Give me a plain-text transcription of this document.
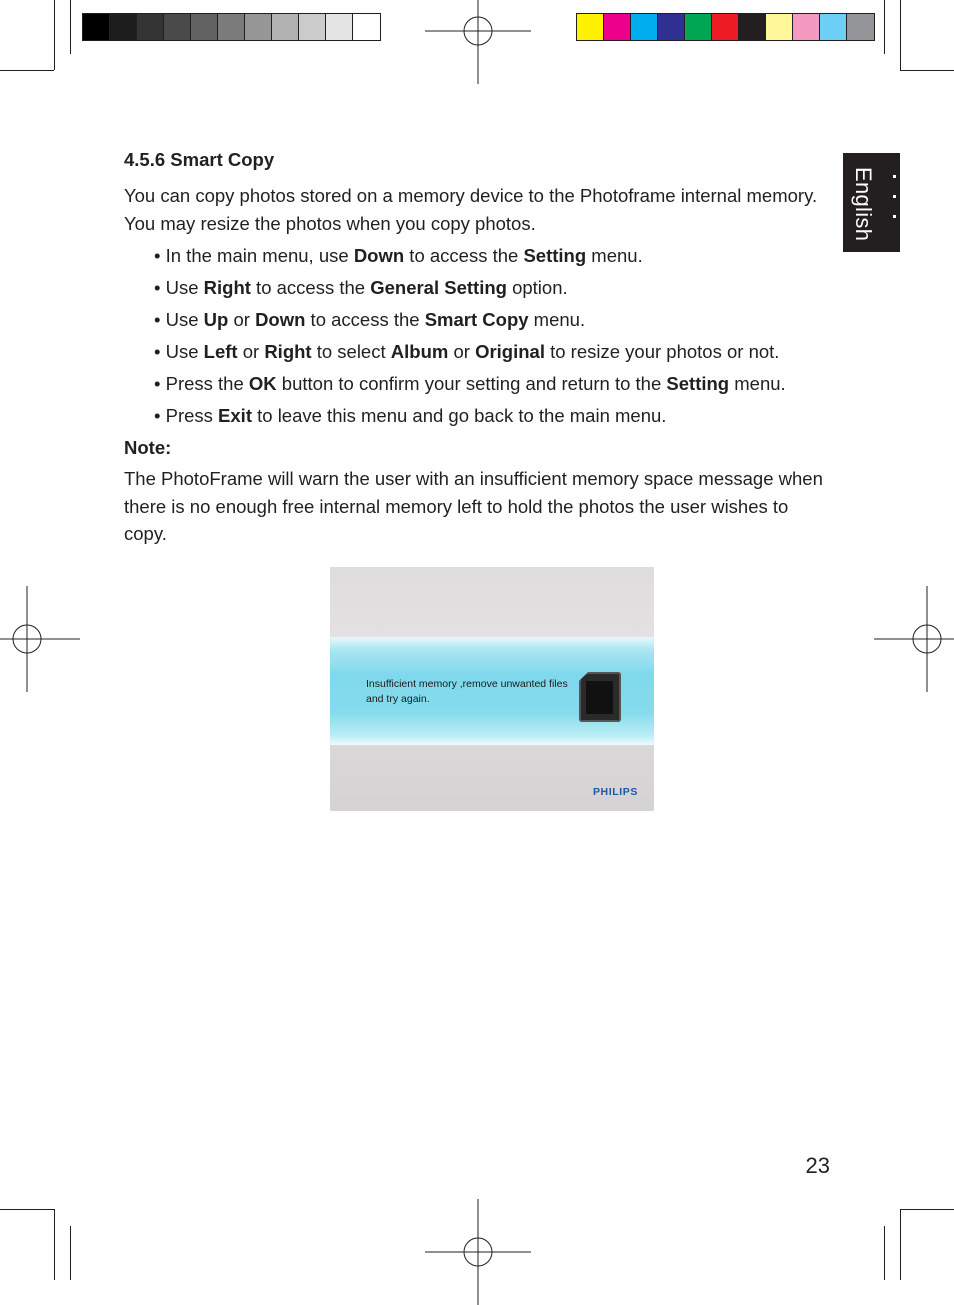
English
4.5.6 Smart Copy

You can copy photos stored on a memory device to the Photoframe internal memory. You may resize the photos when you copy photos.

• In the main menu, use Down to access the Setting menu.
• Use Right to access the General Setting option.
• Use Up or Down to access the Smart Copy menu.
• Use Left or Right to select Album or Original to resize your photos or not.
• Press the OK button to confirm your setting and return to the Setting menu.
• Press Exit to leave this menu and go back to the main menu.

Note:

The PhotoFrame will warn the user with an insufficient memory space message when there is no enough free internal memory left to hold the photos the user wishes to copy.

Insufficient memory ,remove unwanted files and try again.
PHILIPS
23
